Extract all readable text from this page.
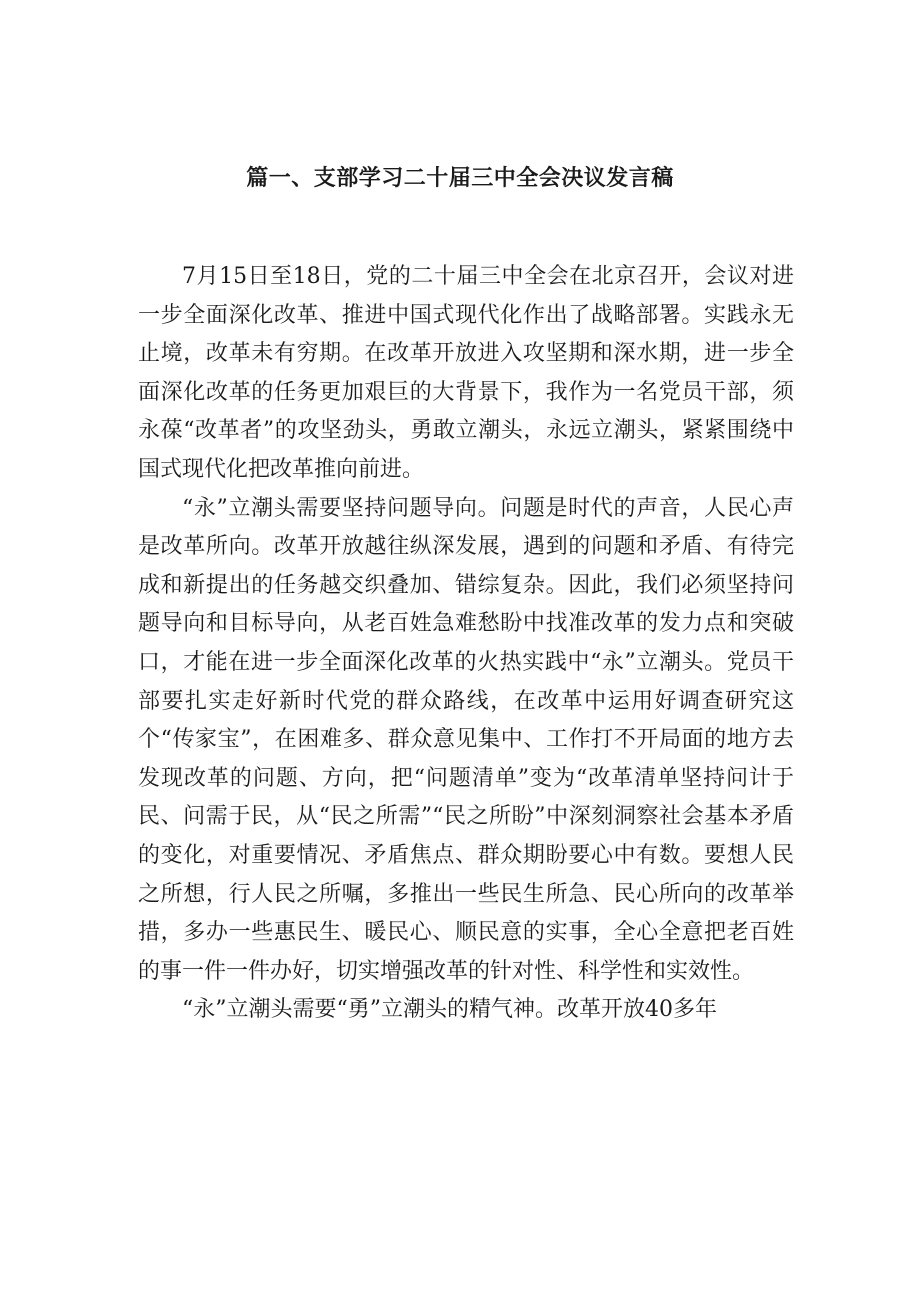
篇一、支部学习二十届三中全会决议发言稿

7月15日至18日，党的二十届三中全会在北京召开，会议对进一步全面深化改革、推进中国式现代化作出了战略部署。实践永无止境，改革未有穷期。在改革开放进入攻坚期和深水期，进一步全面深化改革的任务更加艰巨的大背景下，我作为一名党员干部，须永葆“改革者”的攻坚劲头，勇敢立潮头，永远立潮头，紧紧围绕中国式现代化把改革推向前进。

“永”立潮头需要坚持问题导向。问题是时代的声音，人民心声是改革所向。改革开放越往纵深发展，遇到的问题和矛盾、有待完成和新提出的任务越交织叠加、错综复杂。因此，我们必须坚持问题导向和目标导向，从老百姓急难愁盼中找准改革的发力点和突破口，才能在进一步全面深化改革的火热实践中“永”立潮头。党员干部要扎实走好新时代党的群众路线，在改革中运用好调查研究这个“传家宝”，在困难多、群众意见集中、工作打不开局面的地方去发现改革的问题、方向，把“问题清单”变为“改革清单坚持问计于民、问需于民，从“民之所需”“民之所盼”中深刻洞察社会基本矛盾的变化，对重要情况、矛盾焦点、群众期盼要心中有数。要想人民之所想，行人民之所嘱，多推出一些民生所急、民心所向的改革举措，多办一些惠民生、暖民心、顺民意的实事，全心全意把老百姓的事一件一件办好，切实增强改革的针对性、科学性和实效性。

“永”立潮头需要“勇”立潮头的精气神。改革开放40多年
